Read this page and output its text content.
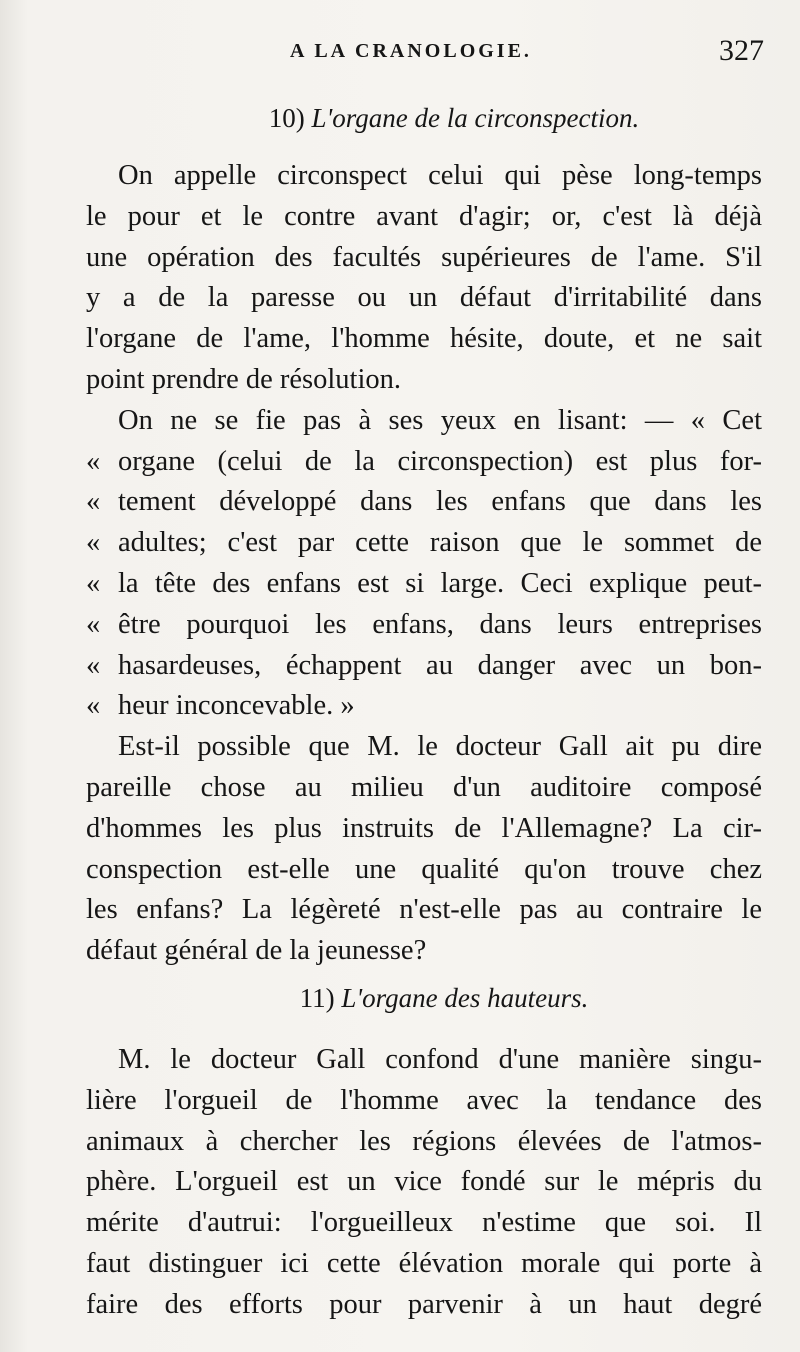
A LA CRANOLOGIE.	327
10) L'organe de la circonspection.
On appelle circonspect celui qui pèse long-temps
le pour et le contre avant d'agir; or, c'est là déjà
une opération des facultés supérieures de l'ame. S'il
y a de la paresse ou un défaut d'irritabilité dans
l'organe de l'ame, l'homme hésite, doute, et ne sait
point prendre de résolution.
On ne se fie pas à ses yeux en lisant: — « Cet
« organe (celui de la circonspection) est plus for-
« tement développé dans les enfans que dans les
« adultes; c'est par cette raison que le sommet de
« la tête des enfans est si large. Ceci explique peut-
« être pourquoi les enfans, dans leurs entreprises
« hasardeuses, échappent au danger avec un bon-
« heur inconcevable. »
Est-il possible que M. le docteur Gall ait pu dire
pareille chose au milieu d'un auditoire composé
d'hommes les plus instruits de l'Allemagne? La cir-
conspection est-elle une qualité qu'on trouve chez
les enfans? La légèreté n'est-elle pas au contraire le
défaut général de la jeunesse?
11) L'organe des hauteurs.
M. le docteur Gall confond d'une manière singu-
lière l'orgueil de l'homme avec la tendance des
animaux à chercher les régions élevées de l'atmos-
phère. L'orgueil est un vice fondé sur le mépris du
mérite d'autrui: l'orgueilleux n'estime que soi. Il
faut distinguer ici cette élévation morale qui porte à
faire des efforts pour parvenir à un haut degré
